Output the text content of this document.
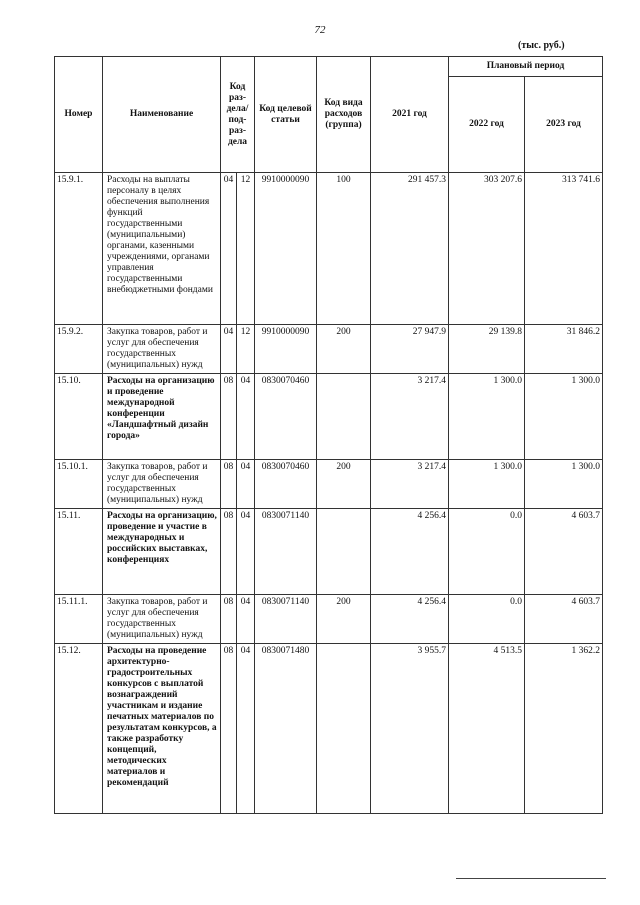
72
(тыс. руб.)
Номер	Наименование	Код раз-дела/ под-раз-дела		Код целевой статьи	Код вида расходов (группа)	2021 год	Плановый период	
							2022 год	2023 год
15.9.1.	Расходы на выплаты персоналу в целях обеспечения выполнения функций государственными (муниципальными) органами, казенными учреждениями, органами управления государственными внебюджетными фондами	04	12	9910000090	100	291 457.3	303 207.6	313 741.6
15.9.2.	Закупка товаров, работ и услуг для обеспечения государственных (муниципальных) нужд	04	12	9910000090	200	27 947.9	29 139.8	31 846.2
15.10.	Расходы на организацию и проведение международной конференции «Ландшафтный дизайн города»	08	04	0830070460		3 217.4	1 300.0	1 300.0
15.10.1.	Закупка товаров, работ и услуг для обеспечения государственных (муниципальных) нужд	08	04	0830070460	200	3 217.4	1 300.0	1 300.0
15.11.	Расходы на организацию, проведение и участие в международных и российских выставках, конференциях	08	04	0830071140		4 256.4	0.0	4 603.7
15.11.1.	Закупка товаров, работ и услуг для обеспечения государственных (муниципальных) нужд	08	04	0830071140	200	4 256.4	0.0	4 603.7
15.12.	Расходы на проведение архитектурно-градостроительных конкурсов с выплатой вознаграждений участникам и издание печатных материалов по результатам конкурсов, а также разработку концепций, методических материалов и рекомендаций	08	04	0830071480		3 955.7	4 513.5	1 362.2
